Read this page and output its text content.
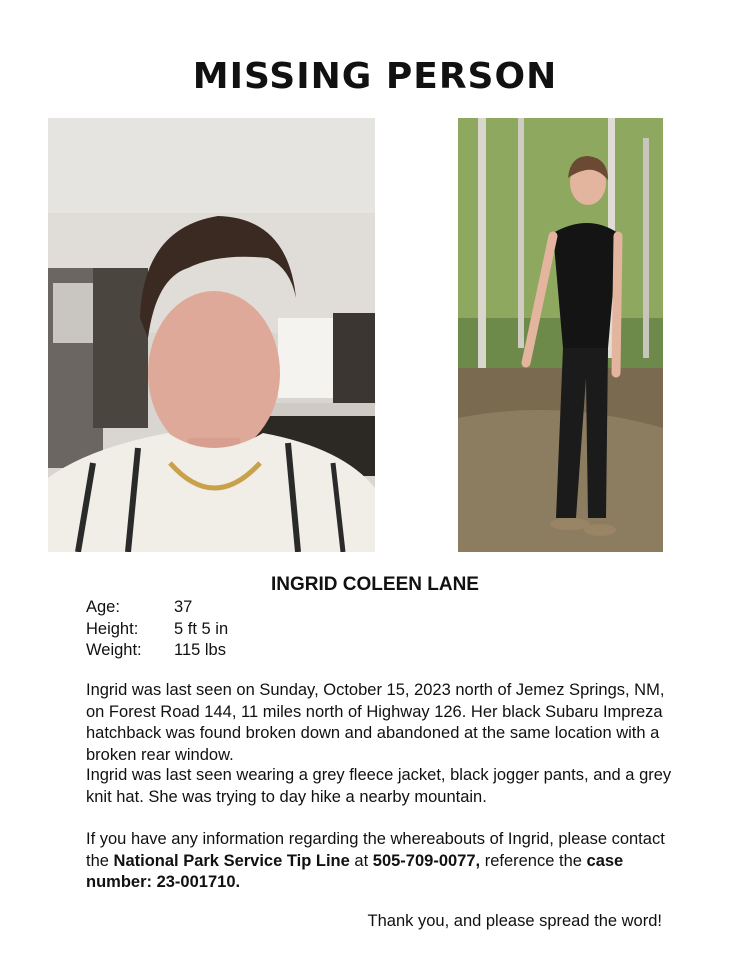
MISSING PERSON
INGRID COLEEN LANE
Age:	37
Height:	5 ft 5 in
Weight:	115 lbs
Ingrid was last seen on Sunday, October 15, 2023 north of Jemez Springs, NM, on Forest Road 144, 11 miles north of Highway 126. Her black Subaru Impreza hatchback was found broken down and abandoned at the same location with a broken rear window.
Ingrid was last seen wearing a grey fleece jacket, black jogger pants, and a grey knit hat. She was trying to day hike a nearby mountain.
If you have any information regarding the whereabouts of Ingrid, please contact the National Park Service Tip Line at 505-709-0077, reference the case number: 23-001710.
Thank you, and please spread the word!
